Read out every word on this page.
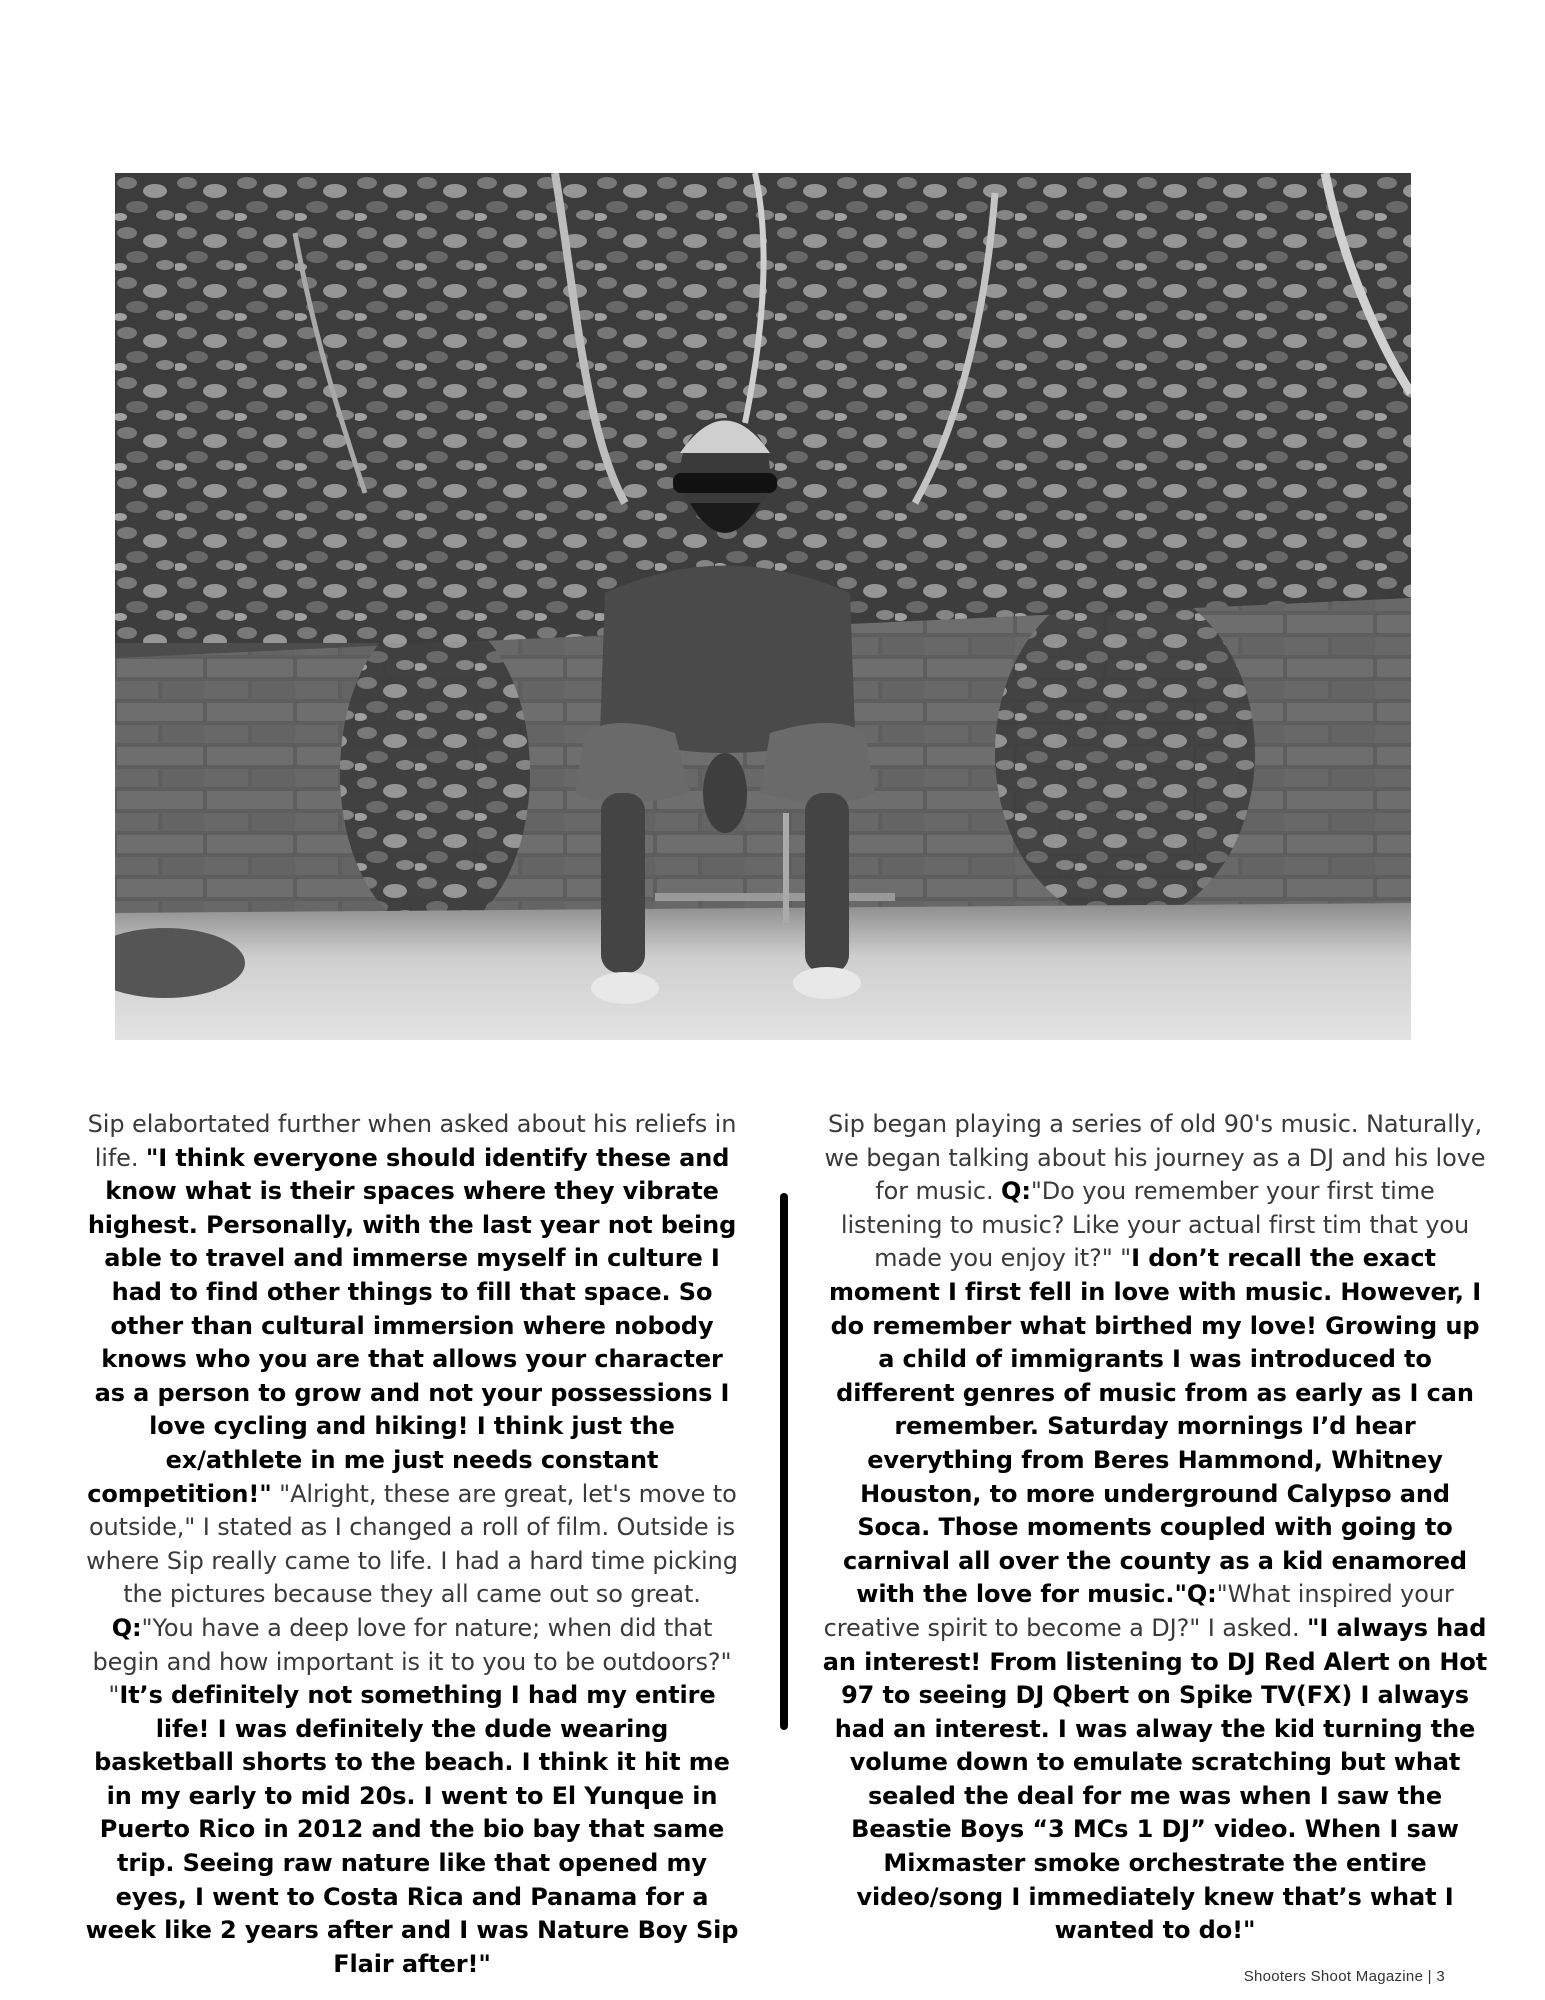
Sip elabortated further when asked about his reliefs in life. "I think everyone should identify these and know what is their spaces where they vibrate highest. Personally, with the last year not being able to travel and immerse myself in culture I had to find other things to fill that space. So other than cultural immersion where nobody knows who you are that allows your character as a person to grow and not your possessions I love cycling and hiking! I think just the ex/athlete in me just needs constant competition!" "Alright, these are great, let's move to outside," I stated as I changed a roll of film. Outside is where Sip really came to life. I had a hard time picking the pictures because they all came out so great. Q:"You have a deep love for nature; when did that begin and how important is it to you to be outdoors?" "It’s definitely not something I had my entire life! I was definitely the dude wearing basketball shorts to the beach. I think it hit me in my early to mid 20s. I went to El Yunque in Puerto Rico in 2012 and the bio bay that same trip. Seeing raw nature like that opened my eyes, I went to Costa Rica and Panama for a week like 2 years after and I was Nature Boy Sip Flair after!"
Sip began playing a series of old 90's music. Naturally, we began talking about his journey as a DJ and his love for music. Q:"Do you remember your first time listening to music? Like your actual first tim that you made you enjoy it?" "I don’t recall the exact moment I first fell in love with music. However, I do remember what birthed my love! Growing up a child of immigrants I was introduced to different genres of music from as early as I can remember. Saturday mornings I’d hear everything from Beres Hammond, Whitney Houston, to more underground Calypso and Soca. Those moments coupled with going to carnival all over the county as a kid enamored with the love for music."Q:"What inspired your creative spirit to become a DJ?" I asked. "I always had an interest! From listening to DJ Red Alert on Hot 97 to seeing DJ Qbert on Spike TV(FX) I always had an interest. I was alway the kid turning the volume down to emulate scratching but what sealed the deal for me was when I saw the Beastie Boys “3 MCs 1 DJ” video. When I saw Mixmaster smoke orchestrate the entire video/song I immediately knew that’s what I wanted to do!"
Shooters Shoot Magazine | 3
